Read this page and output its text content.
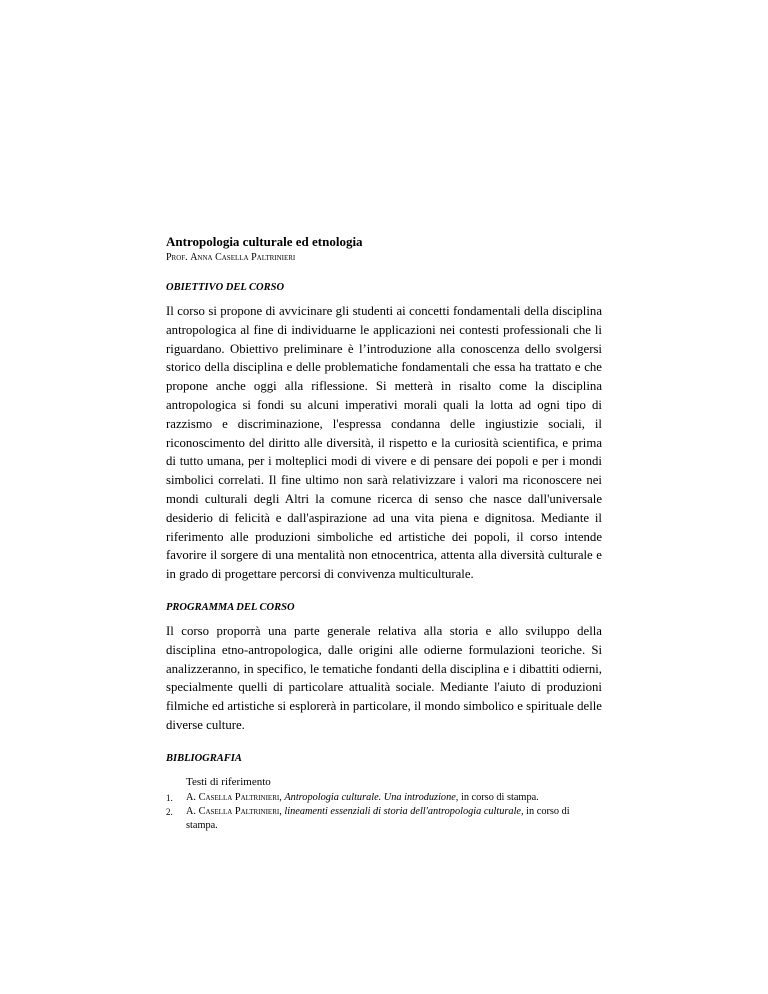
Antropologia culturale ed etnologia
Prof. Anna Casella Paltrinieri
OBIETTIVO DEL CORSO

Il corso si propone di avvicinare gli studenti ai concetti fondamentali della disciplina antropologica al fine di individuarne le applicazioni nei contesti professionali che li riguardano. Obiettivo preliminare è l’introduzione alla conoscenza dello svolgersi storico della disciplina e delle problematiche fondamentali che essa ha trattato e che propone anche oggi alla riflessione. Si metterà in risalto come la disciplina antropologica si fondi su alcuni imperativi morali quali la lotta ad ogni tipo di razzismo e discriminazione, l'espressa condanna delle ingiustizie sociali, il riconoscimento del diritto alle diversità, il rispetto e la curiosità scientifica, e prima di tutto umana, per i molteplici modi di vivere e di pensare dei popoli e per i mondi simbolici correlati. Il fine ultimo non sarà relativizzare i valori ma riconoscere nei mondi culturali degli Altri la comune ricerca di senso che nasce dall'universale desiderio di felicità e dall'aspirazione ad una vita piena e dignitosa. Mediante il riferimento alle produzioni simboliche ed artistiche dei popoli, il corso intende favorire il sorgere di una mentalità non etnocentrica, attenta alla diversità culturale e in grado di progettare percorsi di convivenza multiculturale.

PROGRAMMA DEL CORSO

Il corso proporrà una parte generale relativa alla storia e allo sviluppo della disciplina etno-antropologica, dalle origini alle odierne formulazioni teoriche. Si analizzeranno, in specifico, le tematiche fondanti della disciplina e i dibattiti odierni, specialmente quelli di particolare attualità sociale. Mediante l'aiuto di produzioni filmiche ed artistiche si esplorerà in particolare, il mondo simbolico e spirituale delle diverse culture.

BIBLIOGRAFIA
Testi di riferimento
1. A. Casella Paltrinieri, Antropologia culturale. Una introduzione, in corso di stampa.
2. A. Casella Paltrinieri, lineamenti essenziali di storia dell'antropologia culturale, in corso di stampa.
